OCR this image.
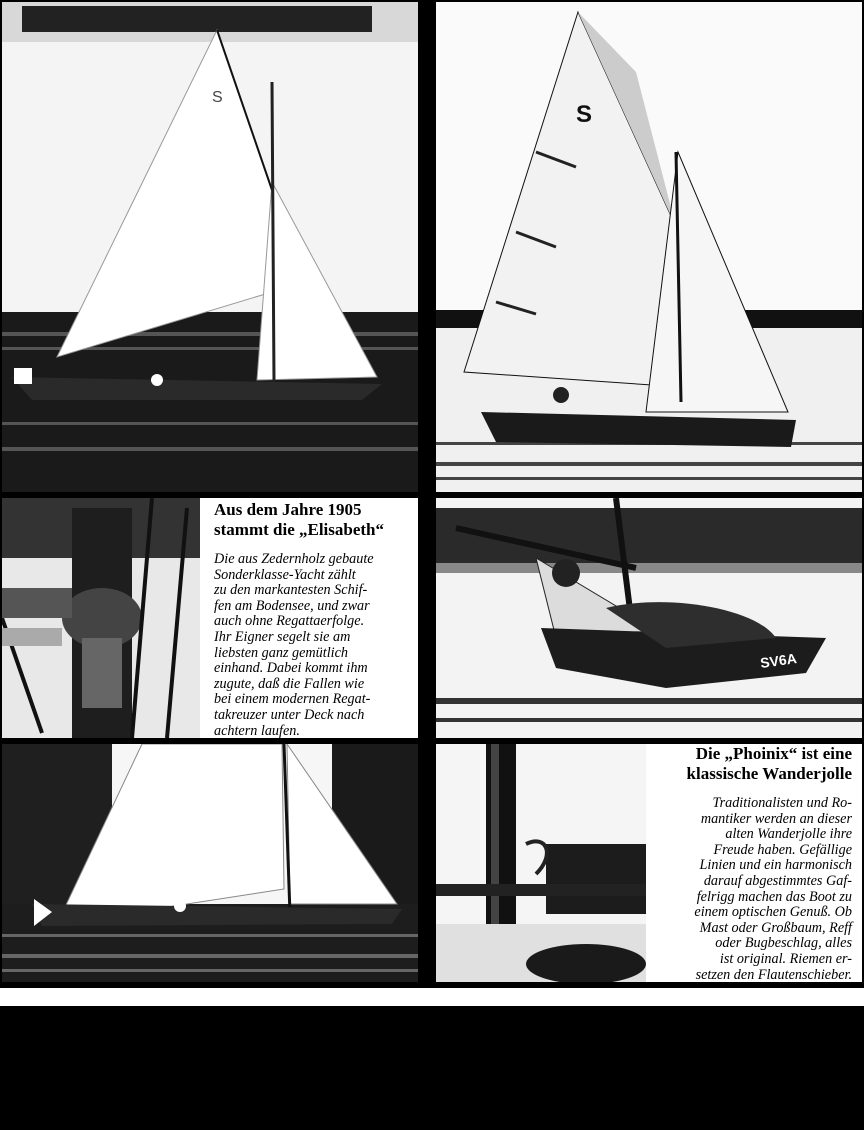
S
S
Aus dem Jahre 1905
stammt die „Elisabeth“

Die aus Zedernholz gebaute
Sonderklasse-Yacht zählt
zu den markantesten Schif-
fen am Bodensee, und zwar
auch ohne Regattaerfolge.
Ihr Eigner segelt sie am
liebsten ganz gemütlich
einhand. Dabei kommt ihm
zugute, daß die Fallen wie
bei einem modernen Regat-
takreuzer unter Deck nach
achtern laufen.

SV6A
Die „Phoinix“ ist eine
klassische Wanderjolle

Traditionalisten und Ro-
mantiker werden an dieser
alten Wanderjolle ihre
Freude haben. Gefällige
Linien und ein harmonisch
darauf abgestimmtes Gaf-
felrigg machen das Boot zu
einem optischen Genuß. Ob
Mast oder Großbaum, Reff
oder Bugbeschlag, alles
ist original. Riemen er-
setzen den Flautenschieber.
